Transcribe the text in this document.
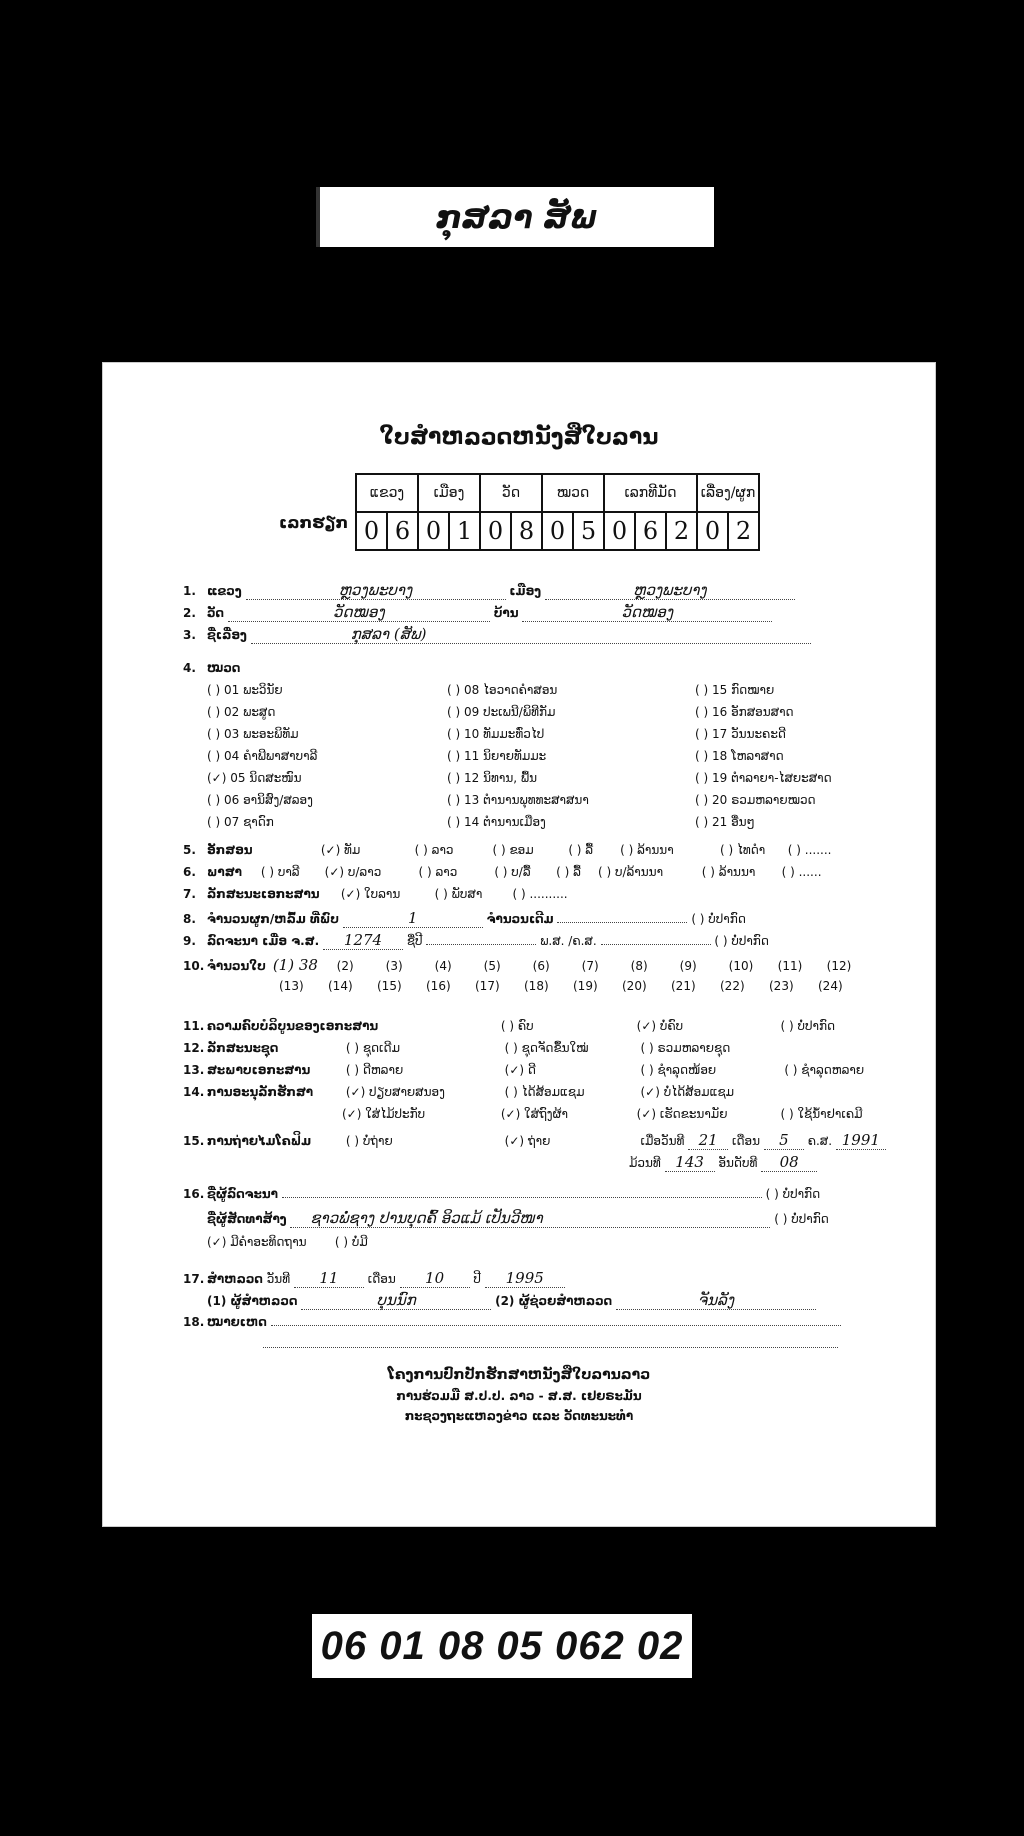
ກຸສລາ ສັພ
ໃບສໍາຫລວດຫນັງສືໃບລານ
ເລກຮຽກ
ແຂວງ		ເມືອງ		ວັດ		ໝວດ		ເລກທີມັດ			ເລື່ອງ/ຜູກ	
0	6	0	1	0	8	0	5	0	6	2	0	2
1. ແຂວງ	ຫຼວງພະບາງ	ເມືອງ	ຫຼວງພະບາງ
2. ວັດ	ວັດໝອງ	ບ້ານ	ວັດໝອງ
3. ຊື່ເລື່ອງ	ກຸສລາ (ສັພ)
4. ໝວດ
( ) 01 ພະວິນັຍ
( ) 02 ພະສູດ
( ) 03 ພະອະພິທັມ
( ) 04 ຄໍາພີພາສາບາລີ
(✓) 05 ນິດສະໜົນ
( ) 06 ອານິສົງ/ສລອງ
( ) 07 ຊາດົກ
( ) 08 ໄອວາດຄໍາສອນ
( ) 09 ປະເພນີ/ພິທີກັມ
( ) 10 ທັມມະທົ່ວໄປ
( ) 11 ນິຍາຍທັມມະ
( ) 12 ນິທານ, ພື້ນ
( ) 13 ຕໍານານພຸທທະສາສນາ
( ) 14 ຕໍານານເມືອງ
( ) 15 ກົດໝາຍ
( ) 16 ອັກສອນສາດ
( ) 17 ວັນນະຄະດີ
( ) 18 ໂຫລາສາດ
( ) 19 ຕໍາລາຍາ-ໄສຍະສາດ
( ) 20 ຣວມຫລາຍໝວດ
( ) 21 ອື່ນໆ
5. ອັກສອນ	(✓) ທັມ	( ) ລາວ	( ) ຂອມ	( ) ລື້ ( ) ລ້ານນາ	( ) ໄທດໍາ ( ) .......
6. ພາສາ ( ) ບາລີ (✓) ບ/ລາວ	( ) ລາວ	( ) ບ/ລື້ ( ) ລື້ ( ) ບ/ລ້ານນາ	( ) ລ້ານນາ ( ) ......
7. ລັກສະນະເອກະສານ (✓) ໃບລານ	( ) ພັບສາ	( ) ..........
8. ຈໍານວນຜູກ/ຫລົ້ມ ທີ່ພົບ	1	ຈໍານວນເດີມ	( ) ບໍ່ປາກົດ
9. ລົດຈະນາ ເມື່ອ ຈ.ສ. 1274 ຊື່ປີ	ພ.ສ. /ຄ.ສ.	( ) ບໍ່ປາກົດ
10. ຈໍານວນໃບ (1) 38 (2)	(3)	(4)	(5)	(6)	(7)	(8)	(9)	(10) (11) (12)
(13) (14) (15) (16) (17) (18) (19) (20) (21) (22) (23) (24)
11. ຄວາມຄົບບໍລິບູນຂອງເອກະສານ	( ) ຄົບ	(✓) ບໍ່ຄົບ	( ) ບໍ່ປາກົດ
12. ລັກສະນະຊຸດ	( ) ຊຸດເດີມ	( ) ຊຸດຈັດຂຶ້ນໃໝ່	( ) ຣວມຫລາຍຊຸດ
13. ສະພາບເອກະສານ	( ) ດີຫລາຍ	(✓) ດີ	( ) ຊໍາລຸດໜ້ອຍ	( ) ຊໍາລຸດຫລາຍ
14. ການອະນຸລັກຮັກສາ	(✓) ປຽບສາຍສນອງ	( ) ໄດ້ສ້ອມແຊມ	(✓) ບໍ່ໄດ້ສ້ອມແຊມ
(✓) ໃສ່ໄມ້ປະກັບ	(✓) ໃສ່ຖົງຜ້າ	(✓) ເຮັດຂະນາມັຍ	( ) ໃຊ້ນໍ້າຢາເຄມີ
15. ການຖ່າຍໄມໂຄຟິມ	( ) ບໍ່ຖ່າຍ	(✓) ຖ່າຍ	ເມື່ອວັນທີ 21 ເດືອນ 5 ຄ.ສ. 1991
ມ້ວນທີ 143 ອັນດັບທີ 08
16. ຊື່ຜູ້ລົດຈະນາ	( ) ບໍ່ປາກົດ
ຊື່ຜູ້ສັດທາສ້າງ ຊາວພໍ່ຊາງ ປານບຸດຄົ້ ອິວແມ້ ເປັນວີໜາ	( ) ບໍ່ປາກົດ
(✓) ມີຄໍາອະທິດຖານ ( ) ບໍ່ມີ
17. ສໍາຫລວດ ວັນທີ 11 ເດືອນ 10 ປີ 1995
(1) ຜູ້ສໍາຫລວດ	ບຸນນົກ	(2) ຜູ້ຊ່ວຍສໍາຫລວດ	ຈັນລັງ
18. ໝາຍເຫດ
ໂຄງການປົກປັກຮັກສາຫນັງສືໃບລານລາວ
ການຮ່ວມມື ສ.ປ.ປ. ລາວ - ສ.ສ. ເຢຍຣະມັນ
ກະຊວງຖະແຫລງຂ່າວ ແລະ ວັດທະນະທໍາ
06 01 08 05 062 02
